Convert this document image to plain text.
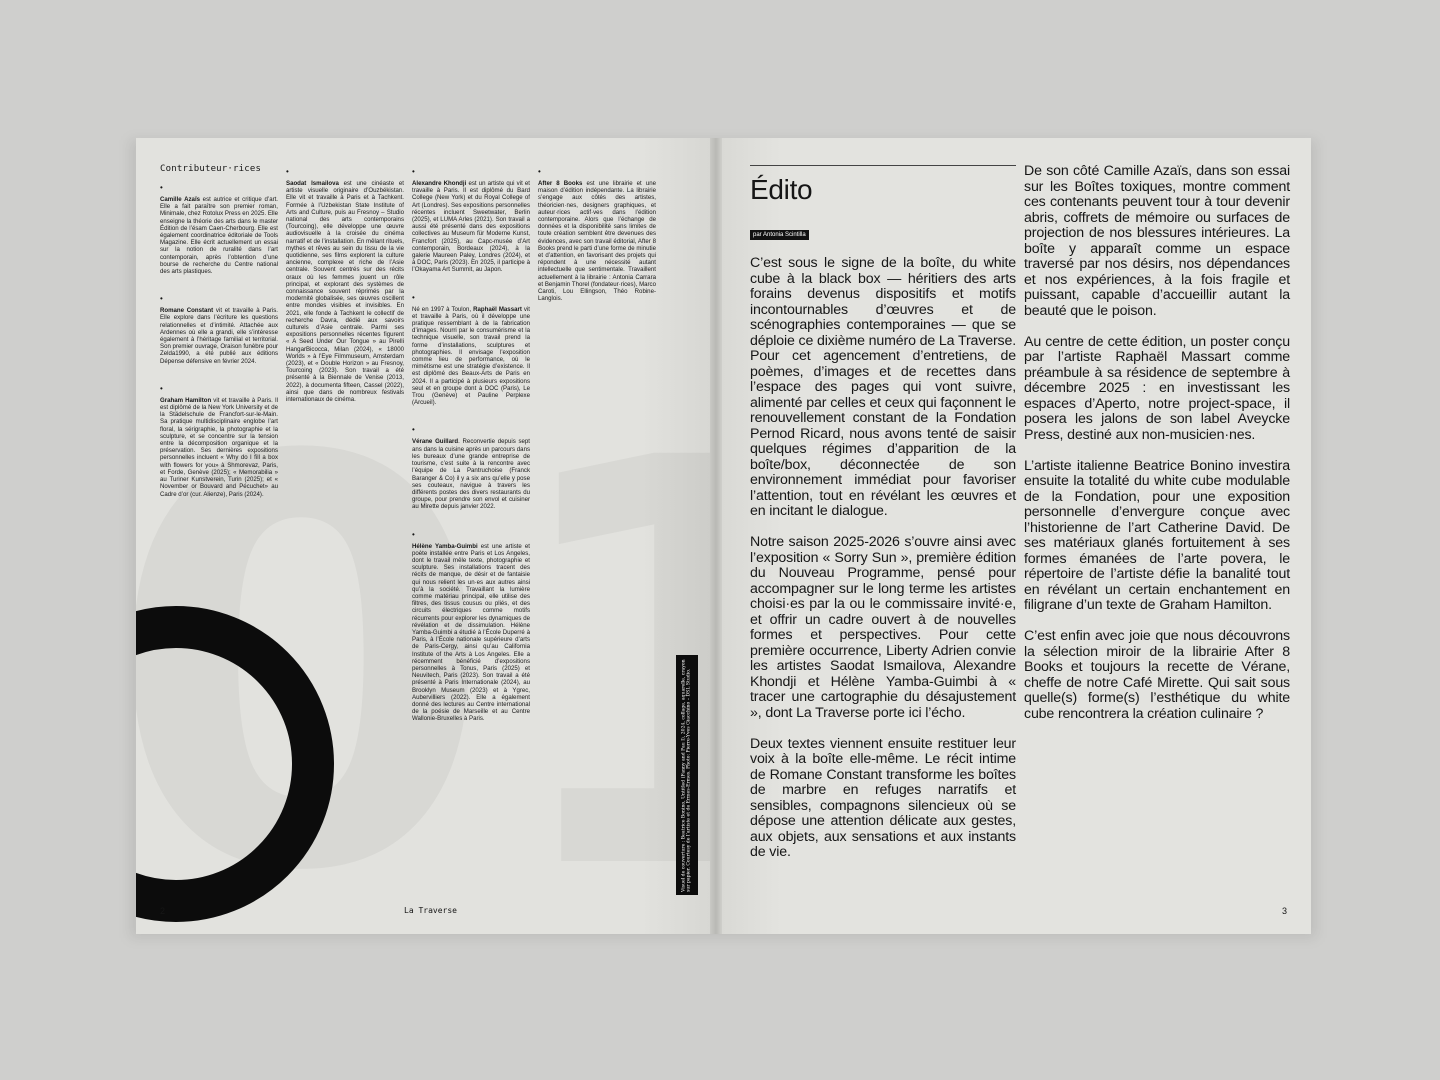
Contributeur·rices
•
Camille Azaïs est autrice et critique d’art. Elle a fait paraître son premier roman, Minimale, chez Rotolux Press en 2025. Elle enseigne la théorie des arts dans le master Édition de l’ésam Caen-Cherbourg. Elle est également coordinatrice éditoriale de Tools Magazine. Elle écrit actuellement un essai sur la notion de ruralité dans l’art contemporain, après l’obtention d’une bourse de recherche du Centre national des arts plastiques.
•
Romane Constant vit et travaille à Paris. Elle explore dans l’écriture les questions relationnelles et d’intimité. Attachée aux Ardennes où elle a grandi, elle s’intéresse également à l’héritage familial et territorial. Son premier ouvrage, Oraison funèbre pour Zelda1990, a été publié aux éditions Dépense défensive en février 2024.
•
Graham Hamilton vit et travaille à Paris. Il est diplômé de la New York University et de la Städelschule de Francfort-sur-le-Main. Sa pratique multidisciplinaire englobe l’art floral, la sérigraphie, la photographie et la sculpture, et se concentre sur la tension entre la décomposition organique et la préservation. Ses dernières expositions personnelles incluent « Why do I fill a box with flowers for you» à Shmorevaz, Paris, et Forde, Genève (2025); « Memorabilia » au Turiner Kunstverein, Turin (2025); et « November or Bouvard and Pécuchet» au Cadre d’or (cur. Alienze), Paris (2024).
•
Saodat Ismailova est une cinéaste et artiste visuelle originaire d’Ouzbékistan. Elle vit et travaille à Paris et à Tachkent. Formée à l’Uzbekistan State Institute of Arts and Culture, puis au Fresnoy – Studio national des arts contemporains (Tourcoing), elle développe une œuvre audiovisuelle à la croisée du cinéma narratif et de l’installation. En mêlant rituels, mythes et rêves au sein du tissu de la vie quotidienne, ses films explorent la culture ancienne, complexe et riche de l’Asie centrale. Souvent centrés sur des récits oraux où les femmes jouent un rôle principal, et explorant des systèmes de connaissance souvent réprimés par la modernité globalisée, ses œuvres oscillent entre mondes visibles et invisibles. En 2021, elle fonde à Tachkent le collectif de recherche Davra, dédié aux savoirs culturels d’Asie centrale. Parmi ses expositions personnelles récentes figurent « A Seed Under Our Tongue » au Pirelli HangarBicocca, Milan (2024), « 18000 Worlds » à l’Eye Filmmuseum, Amsterdam (2023), et « Double Horizon » au Fresnoy, Tourcoing (2023). Son travail a été présenté à la Biennale de Venise (2013, 2022), à documenta fifteen, Cassel (2022), ainsi que dans de nombreux festivals internationaux de cinéma.
•
Alexandre Khondji est un artiste qui vit et travaille à Paris. Il est diplômé du Bard College (New York) et du Royal College of Art (Londres). Ses expositions personnelles récentes incluent Sweetwater, Berlin (2025), et LUMA Arles (2021). Son travail a aussi été présenté dans des expositions collectives au Museum für Moderne Kunst, Francfort (2025), au Capc-musée d’Art contemporain, Bordeaux (2024), à la galerie Maureen Paley, Londres (2024), et à DOC, Paris (2023). En 2025, il participe à l’Okayama Art Summit, au Japon.
•
Né en 1997 à Toulon, Raphaël Massart vit et travaille à Paris, où il développe une pratique ressemblant à de la fabrication d’images. Nourri par le consumérisme et la technique visuelle, son travail prend la forme d’installations, sculptures et photographies. Il envisage l’exposition comme lieu de performance, où le mimétisme est une stratégie d’existence. Il est diplômé des Beaux-Arts de Paris en 2024. Il a participé à plusieurs expositions seul et en groupe dont à DOC (Paris), Le Trou (Genève) et Pauline Perplexe (Arcueil).
•
Vérane Guillard. Reconvertie depuis sept ans dans la cuisine après un parcours dans les bureaux d’une grande entreprise de tourisme, c’est suite à la rencontre avec l’équipe de La Pantruchoise (Franck Baranger & Co) il y a six ans qu’elle y pose ses couteaux, navigue à travers les différents postes des divers restaurants du groupe, pour prendre son envol et cuisiner au Mirette depuis janvier 2022.
•
Hélène Yamba-Guimbi est une artiste et poète installée entre Paris et Los Angeles, dont le travail mêle texte, photographie et sculpture. Ses installations tracent des récits de manque, de désir et de fantaisie qui nous relient les un·es aux autres ainsi qu’à la société. Travaillant la lumière comme matériau principal, elle utilise des filtres, des tissus cousus ou pliés, et des circuits électriques comme motifs récurrents pour explorer les dynamiques de révélation et de dissimulation. Hélène Yamba-Guimbi a étudié à l’École Duperré à Paris, à l’École nationale supérieure d’arts de Paris-Cergy, ainsi qu’au California Institute of the Arts à Los Angeles. Elle a récemment bénéficié d’expositions personnelles à Tonus, Paris (2025) et Neuvitech, Paris (2023). Son travail a été présenté à Paris Internationale (2024), au Brooklyn Museum (2023) et à Ygrec, Aubervilliers (2022). Elle a également donné des lectures au Centre international de la poésie de Marseille et au Centre Wallonie-Bruxelles à Paris.
•
After 8 Books est une librairie et une maison d’édition indépendante. La librairie s’engage aux côtés des artistes, théoricien·nes, designers graphiques, et auteur·rices actif·ves dans l’édition contemporaine. Alors que l’échange de données et la disponibilité sans limites de toute création semblent être devenues des évidences, avec son travail éditorial, After 8 Books prend le parti d’une forme de minutie et d’attention, en favorisant des projets qui répondent à une nécessité autant intellectuelle que sentimentale. Travaillent actuellement à la librairie : Antonia Carrara et Benjamin Thorel (fondateur·rices), Marco Caroti, Lou Ellingson, Théo Robine-Langlois.
Visuel de couverture : Beatrice Bonino, Untitled (Fanny and Pau I), 2024, collage, aquarelle, crayon sur papier. Courtesy de l’artiste et de Ermes-Ermes. Photo: Pierre-Yves Giacchino – DSL Studio.
2	La Traverse
Édito
par Antonia Scintilla

C’est sous le signe de la boîte, du white cube à la black box — héritiers des arts forains devenus dispositifs et motifs incontournables d’œuvres et de scénographies contemporaines — que se déploie ce dixième numéro de La Traverse. Pour cet agencement d’entretiens, de poèmes, d’images et de recettes dans l’espace des pages qui vont suivre, alimenté par celles et ceux qui façonnent le renouvellement constant de la Fondation Pernod Ricard, nous avons tenté de saisir quelques régimes d’apparition de la boîte/box, déconnectée de son environnement immédiat pour favoriser l’attention, tout en révélant les œuvres et en incitant le dialogue.

Notre saison 2025-2026 s’ouvre ainsi avec l’exposition « Sorry Sun », première édition du Nouveau Programme, pensé pour accompagner sur le long terme les artistes choisi·es par la ou le commissaire invité·e, et offrir un cadre ouvert à de nouvelles formes et perspectives. Pour cette première occurrence, Liberty Adrien convie les artistes Saodat Ismailova, Alexandre Khondji et Hélène Yamba-Guimbi à « tracer une cartographie du désajustement », dont La Traverse porte ici l’écho.

Deux textes viennent ensuite restituer leur voix à la boîte elle-même. Le récit intime de Romane Constant transforme les boîtes de marbre en refuges narratifs et sensibles, compagnons silencieux où se dépose une attention délicate aux gestes, aux objets, aux sensations et aux instants de vie.

De son côté Camille Azaïs, dans son essai sur les Boîtes toxiques, montre comment ces contenants peuvent tour à tour devenir abris, coffrets de mémoire ou surfaces de projection de nos blessures intérieures. La boîte y apparaît comme un espace traversé par nos désirs, nos dépendances et nos expériences, à la fois fragile et puissant, capable d’accueillir autant la beauté que le poison.

Au centre de cette édition, un poster conçu par l’artiste Raphaël Massart comme préambule à sa résidence de septembre à décembre 2025 : en investissant les espaces d’Aperto, notre project-space, il posera les jalons de son label Aveycke Press, destiné aux non-musicien·nes.

L’artiste italienne Beatrice Bonino investira ensuite la totalité du white cube modulable de la Fondation, pour une exposition personnelle d’envergure conçue avec l’historienne de l’art Catherine David. De ses matériaux glanés fortuitement à ses formes émanées de l’arte povera, le répertoire de l’artiste défie la banalité tout en révélant un certain enchantement en filigrane d’un texte de Graham Hamilton.

C’est enfin avec joie que nous découvrons la sélection miroir de la librairie After 8 Books et toujours la recette de Vérane, cheffe de notre Café Mirette. Qui sait sous quelle(s) forme(s) l’esthétique du white cube rencontrera la création culinaire ?

3
